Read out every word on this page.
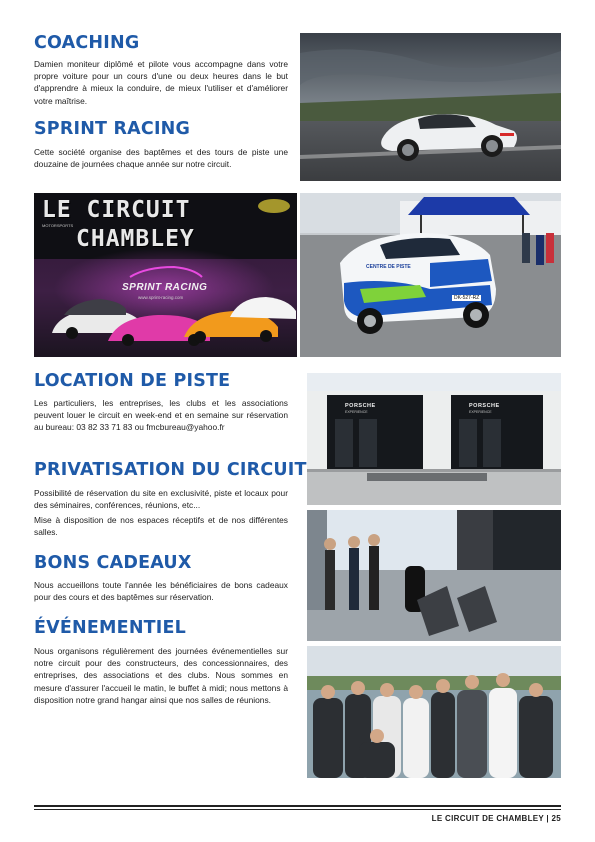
COACHING

Damien moniteur diplômé et pilote vous accompagne dans votre propre voiture pour un cours d'une ou deux heures dans le but d'apprendre à mieux la conduire, de mieux l'utiliser et d'améliorer votre maîtrise.

SPRINT RACING

Cette société organise des baptêmes et des tours de piste une douzaine de journées chaque année sur notre circuit.

LE CIRCUIT
CHAMBLEY
MOTORSPORTS
SPRINT RACING
www.sprint-racing.com
CENTRE DE PISTE
DK-527-RZ
LOCATION DE PISTE

Les particuliers, les entreprises, les clubs et les associations peuvent louer le circuit en week-end et en semaine sur réservation au bureau: 03 82 33 71 83 ou fmcbureau@yahoo.fr

PRIVATISATION DU CIRCUIT

Possibilité de réservation du site en exclusivité, piste et locaux pour des séminaires, conférences, réunions, etc...

Mise à disposition de nos espaces réceptifs et de nos différentes salles.

BONS CADEAUX

Nous accueillons toute l'année les bénéficiaires de bons cadeaux pour des cours et des baptêmes sur réservation.

ÉVÉNEMENTIEL

Nous organisons régulièrement des journées événementielles sur notre circuit pour des constructeurs, des concessionnaires, des entreprises, des associations et des clubs. Nous sommes en mesure d'assurer l'accueil le matin, le buffet à midi; nous mettons à disposition notre grand hangar ainsi que nos salles de réunions.

PORSCHE
EXPERIENCE
PORSCHE
EXPERIENCE
LE CIRCUIT DE CHAMBLEY | 25
